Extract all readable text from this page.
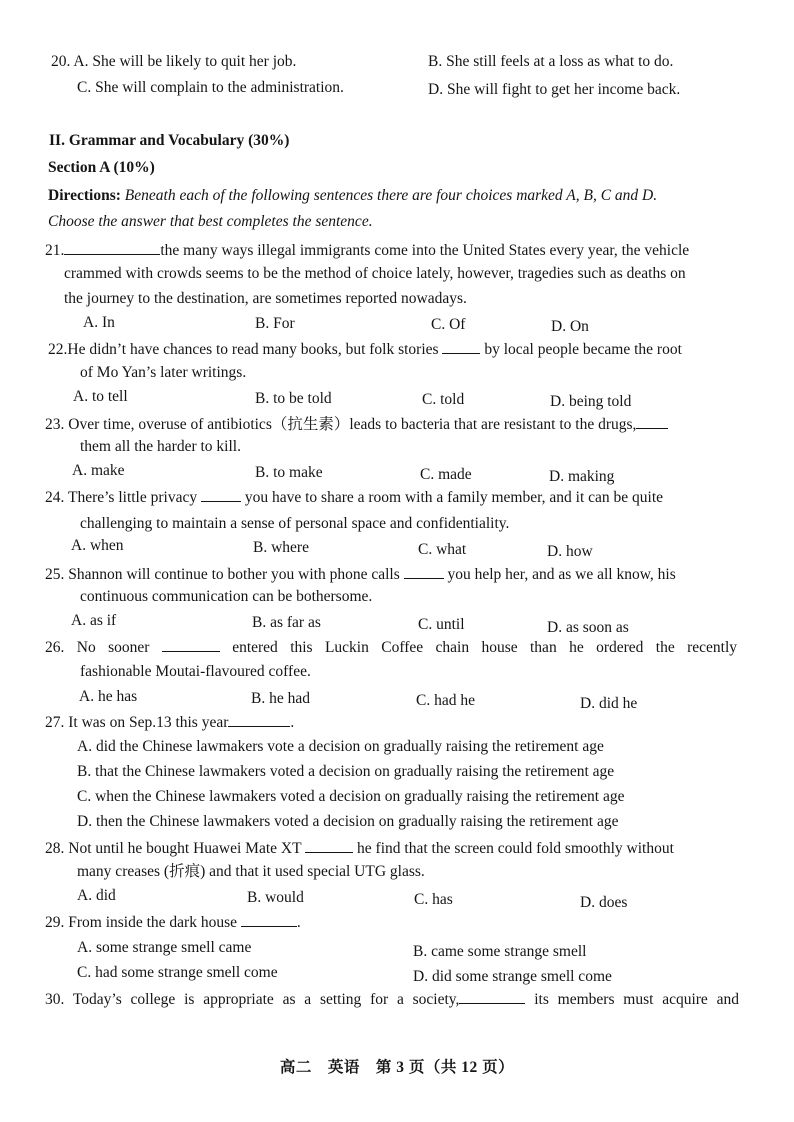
20. A. She will be likely to quit her job.	B. She still feels at a loss as what to do.
C. She will complain to the administration.	D. She will fight to get her income back.
II. Grammar and Vocabulary (30%)
Section A (10%)
Directions: Beneath each of the following sentences there are four choices marked A, B, C and D.
Choose the answer that best completes the sentence.
21.	the many ways illegal immigrants come into the United States every year, the vehicle
crammed with crowds seems to be the method of choice lately, however, tragedies such as deaths on
the journey to the destination, are sometimes reported nowadays.
A. In	B. For	C. Of	D. On
22.He didn’t have chances to read many books, but folk stories	by local people became the root
of Mo Yan’s later writings.
A. to tell	B. to be told	C. told	D. being told
23. Over time, overuse of antibiotics（抗生素）leads to bacteria that are resistant to the drugs,
them all the harder to kill.
A. make	B. to make	C. made	D. making
24. There’s little privacy	you have to share a room with a family member, and it can be quite
challenging to maintain a sense of personal space and confidentiality.
A. when	B. where	C. what	D. how
25. Shannon will continue to bother you with phone calls	you help her, and as we all know, his
continuous communication can be bothersome.
A. as if	B. as far as	C. until	D. as soon as
26. No sooner	entered this Luckin Coffee chain house than he ordered the recently
fashionable Moutai-flavoured coffee.
A. he has	B. he had	C. had he	D. did he
27. It was on Sep.13 this year	.
A. did the Chinese lawmakers vote a decision on gradually raising the retirement age
B. that the Chinese lawmakers voted a decision on gradually raising the retirement age
C. when the Chinese lawmakers voted a decision on gradually raising the retirement age
D. then the Chinese lawmakers voted a decision on gradually raising the retirement age
28. Not until he bought Huawei Mate XT	he find that the screen could fold smoothly without
many creases (折痕) and that it used special UTG glass.
A. did	B. would	C. has	D. does
29. From inside the dark house	.
A. some strange smell came	B. came some strange smell
C. had some strange smell come	D. did some strange smell come
30. Today’s college is appropriate as a setting for a society,	its members must acquire and
高二　英语　第 3 页（共 12 页）
